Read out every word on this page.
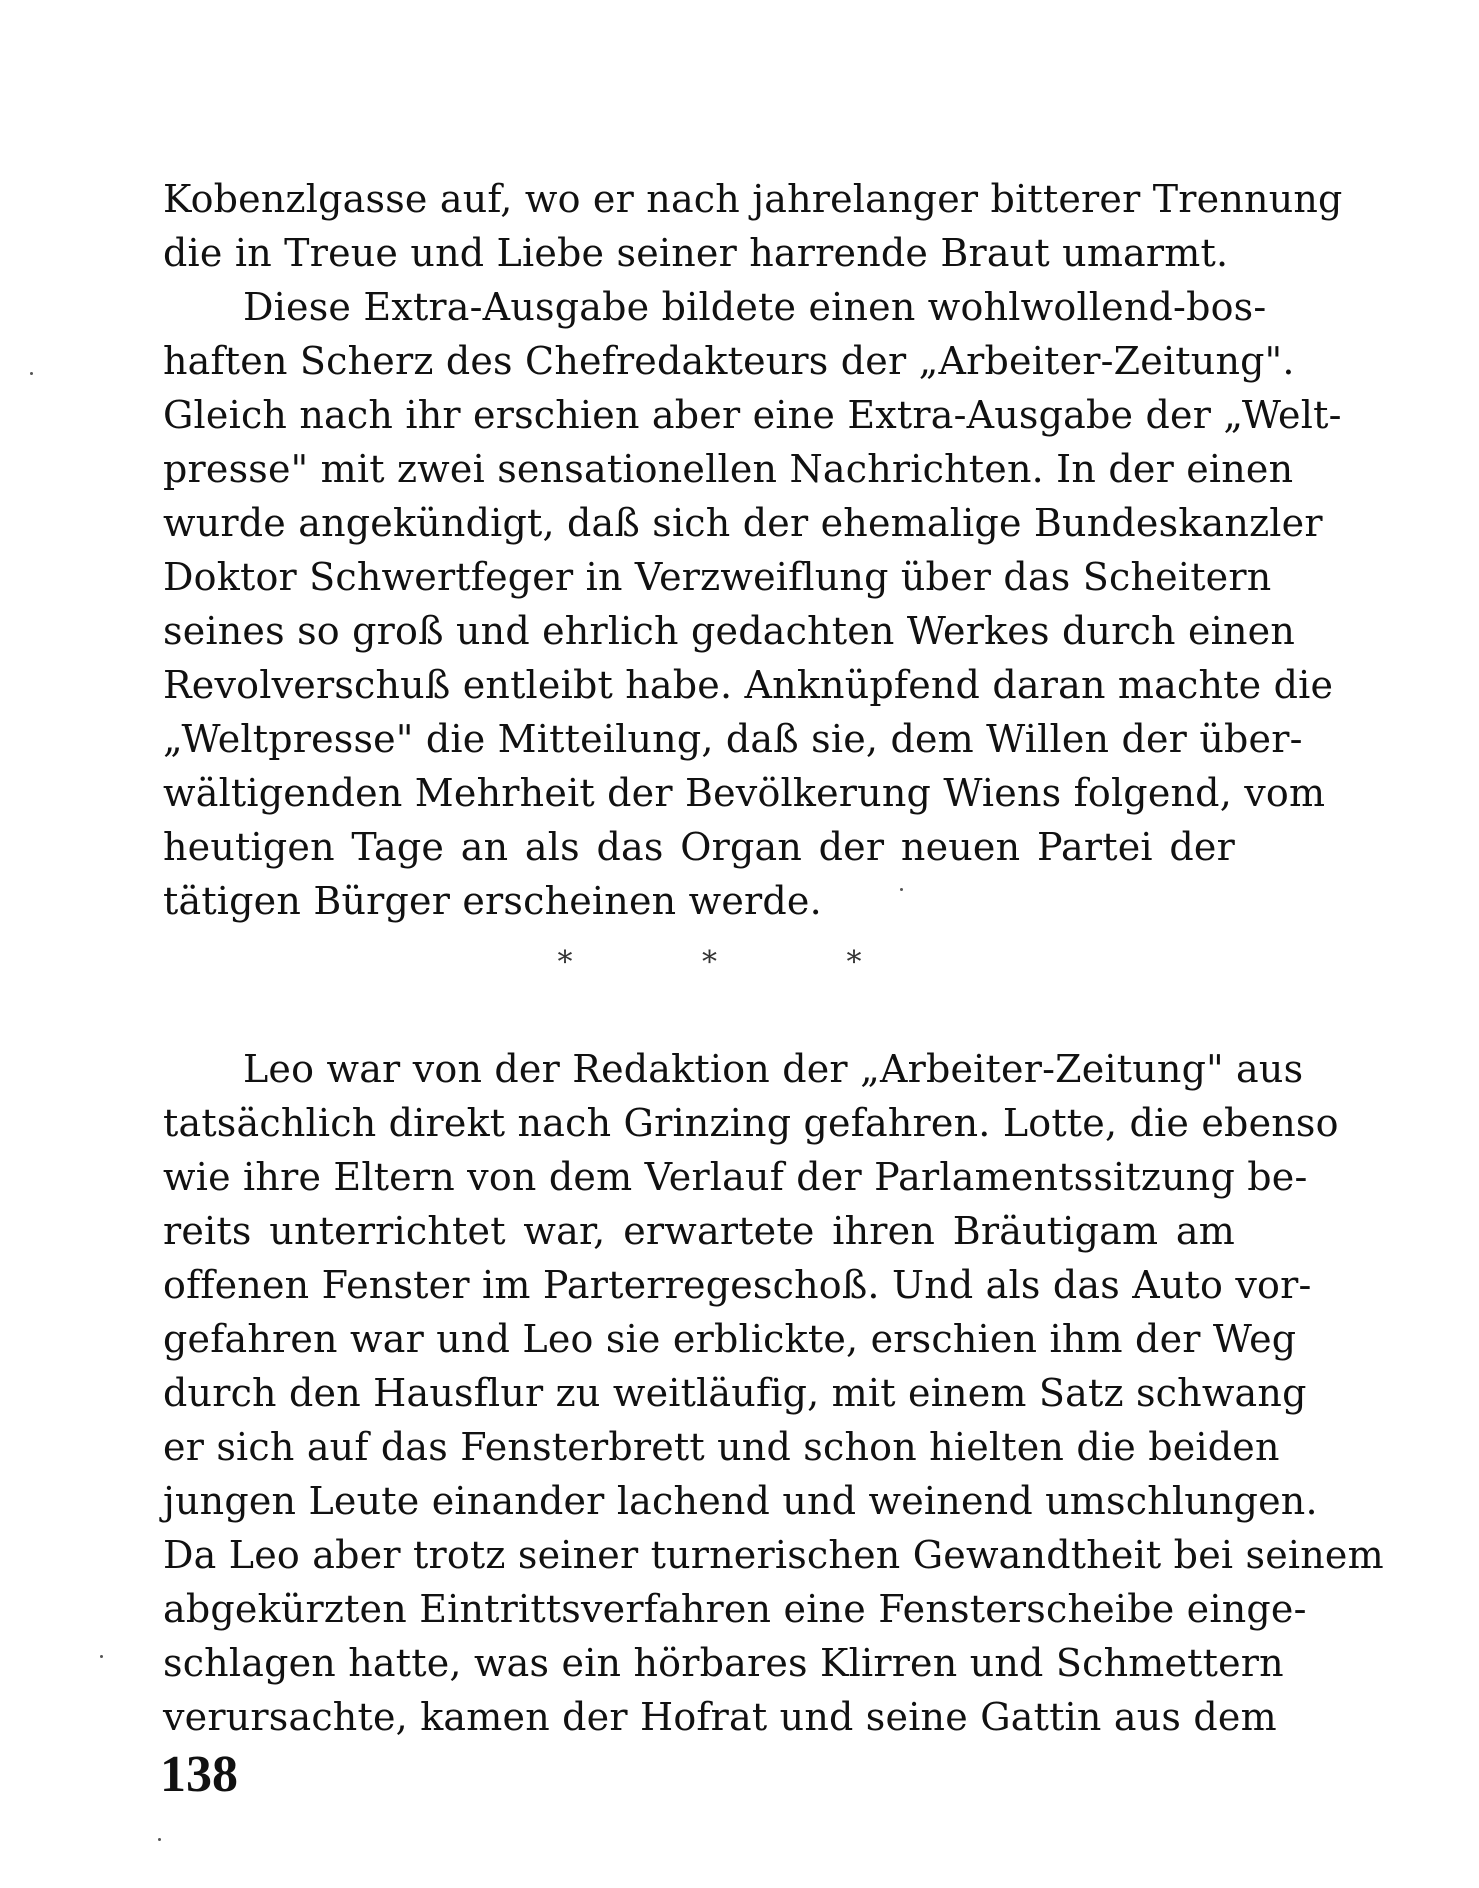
Kobenzlgasse auf, wo er nach jahrelanger bitterer Trennung
die in Treue und Liebe seiner harrende Braut umarmt.
Diese Extra-Ausgabe bildete einen wohlwollend-bos-
haften Scherz des Chefredakteurs der „Arbeiter-Zeitung".
Gleich nach ihr erschien aber eine Extra-Ausgabe der „Welt-
presse" mit zwei sensationellen Nachrichten. In der einen
wurde angekündigt, daß sich der ehemalige Bundeskanzler
Doktor Schwertfeger in Verzweiflung über das Scheitern
seines so groß und ehrlich gedachten Werkes durch einen
Revolverschuß entleibt habe. Anknüpfend daran machte die
„Weltpresse" die Mitteilung, daß sie, dem Willen der über-
wältigenden Mehrheit der Bevölkerung Wiens folgend, vom
heutigen Tage an als das Organ der neuen Partei der
tätigen Bürger erscheinen werde.
* * *
Leo war von der Redaktion der „Arbeiter-Zeitung" aus
tatsächlich direkt nach Grinzing gefahren. Lotte, die ebenso
wie ihre Eltern von dem Verlauf der Parlamentssitzung be-
reits unterrichtet war, erwartete ihren Bräutigam am
offenen Fenster im Parterregeschoß. Und als das Auto vor-
gefahren war und Leo sie erblickte, erschien ihm der Weg
durch den Hausflur zu weitläufig, mit einem Satz schwang
er sich auf das Fensterbrett und schon hielten die beiden
jungen Leute einander lachend und weinend umschlungen.
Da Leo aber trotz seiner turnerischen Gewandtheit bei seinem
abgekürzten Eintrittsverfahren eine Fensterscheibe einge-
schlagen hatte, was ein hörbares Klirren und Schmettern
verursachte, kamen der Hofrat und seine Gattin aus dem
138
